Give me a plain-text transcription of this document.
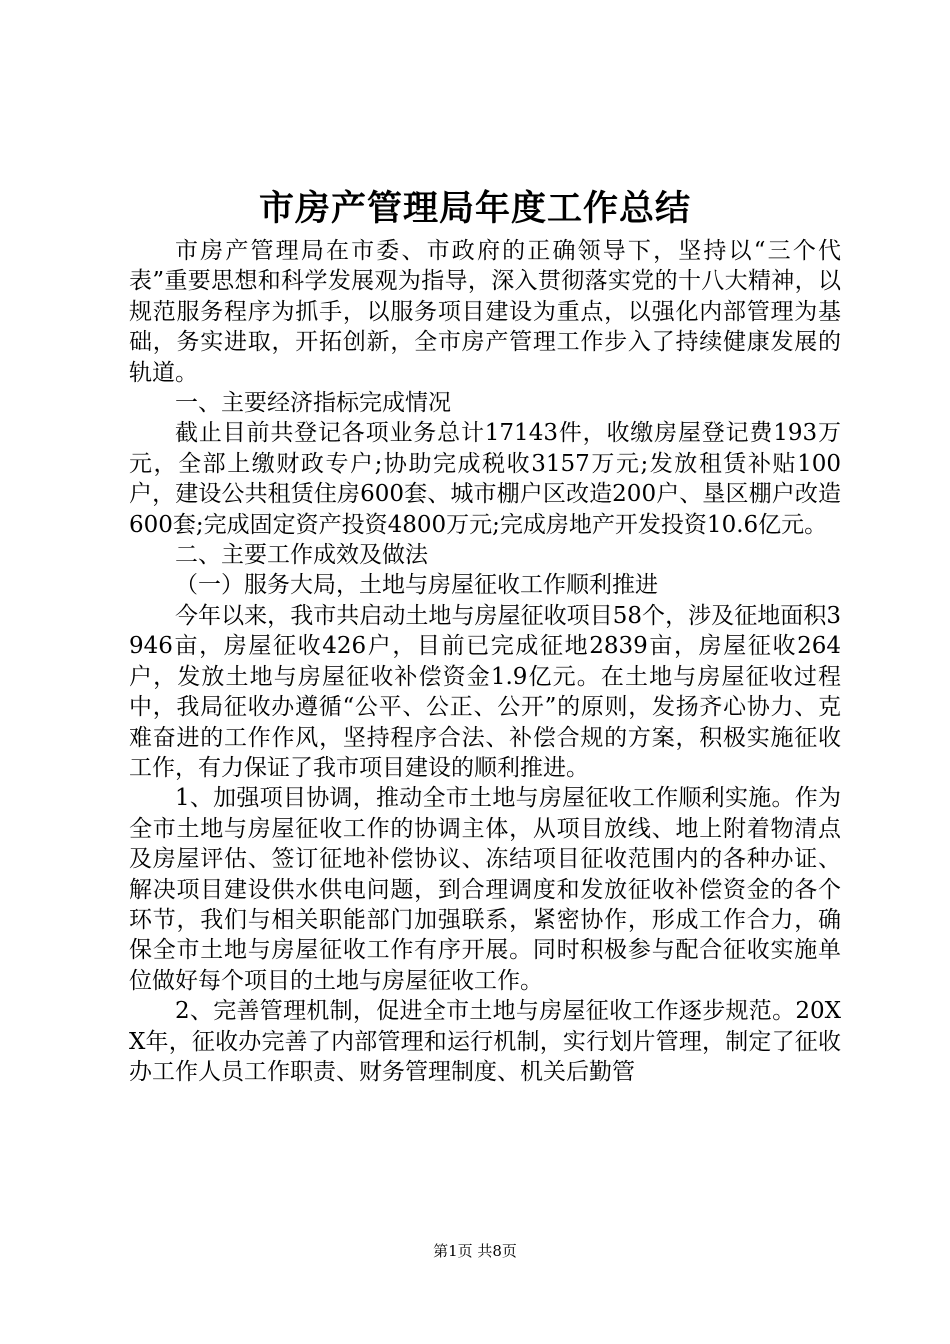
市房产管理局年度工作总结

市房产管理局在市委、市政府的正确领导下，坚持以“三个代表”重要思想和科学发展观为指导，深入贯彻落实党的十八大精神，以规范服务程序为抓手，以服务项目建设为重点，以强化内部管理为基础，务实进取，开拓创新，全市房产管理工作步入了持续健康发展的轨道。

一、主要经济指标完成情况

截止目前共登记各项业务总计17143件，收缴房屋登记费193万元，全部上缴财政专户;协助完成税收3157万元;发放租赁补贴100户，建设公共租赁住房600套、城市棚户区改造200户、垦区棚户改造600套;完成固定资产投资4800万元;完成房地产开发投资10.6亿元。

二、主要工作成效及做法

（一）服务大局，土地与房屋征收工作顺利推进

今年以来，我市共启动土地与房屋征收项目58个，涉及征地面积3946亩，房屋征收426户，目前已完成征地2839亩，房屋征收264户，发放土地与房屋征收补偿资金1.9亿元。在土地与房屋征收过程中，我局征收办遵循“公平、公正、公开”的原则，发扬齐心协力、克难奋进的工作作风，坚持程序合法、补偿合规的方案，积极实施征收工作，有力保证了我市项目建设的顺利推进。

1、加强项目协调，推动全市土地与房屋征收工作顺利实施。作为全市土地与房屋征收工作的协调主体，从项目放线、地上附着物清点及房屋评估、签订征地补偿协议、冻结项目征收范围内的各种办证、解决项目建设供水供电问题，到合理调度和发放征收补偿资金的各个环节，我们与相关职能部门加强联系，紧密协作，形成工作合力，确保全市土地与房屋征收工作有序开展。同时积极参与配合征收实施单位做好每个项目的土地与房屋征收工作。

2、完善管理机制，促进全市土地与房屋征收工作逐步规范。20XX年，征收办完善了内部管理和运行机制，实行划片管理，制定了征收办工作人员工作职责、财务管理制度、机关后勤管

第1页 共8页
